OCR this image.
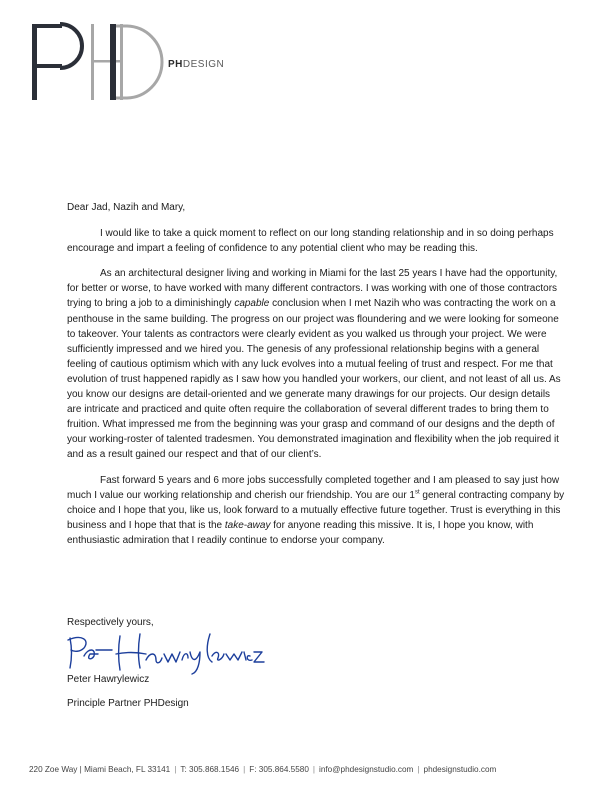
PHDESIGN

Dear Jad, Nazih and Mary,

I would like to take a quick moment to reflect on our long standing relationship and in so doing perhaps encourage and impart a feeling of confidence to any potential client who may be reading this.

As an architectural designer living and working in Miami for the last 25 years I have had the opportunity, for better or worse, to have worked with many different contractors. I was working with one of those contractors trying to bring a job to a diminishingly capable conclusion when I met Nazih who was contracting the work on a penthouse in the same building. The progress on our project was floundering and we were looking for someone to takeover. Your talents as contractors were clearly evident as you walked us through your project. We were sufficiently impressed and we hired you. The genesis of any professional relationship begins with a general feeling of cautious optimism which with any luck evolves into a mutual feeling of trust and respect. For me that evolution of trust happened rapidly as I saw how you handled your workers, our client, and not least of all us. As you know our designs are detail-oriented and we generate many drawings for our projects. Our design details are intricate and practiced and quite often require the collaboration of several different trades to bring them to fruition. What impressed me from the beginning was your grasp and command of our designs and the depth of your working-roster of talented tradesmen. You demonstrated imagination and flexibility when the job required it and as a result gained our respect and that of our client’s.

Fast forward 5 years and 6 more jobs successfully completed together and I am pleased to say just how much I value our working relationship and cherish our friendship. You are our 1st general contracting company by choice and I hope that you, like us, look forward to a mutually effective future together. Trust is everything in this business and I hope that that is the take-away for anyone reading this missive. It is, I hope you know, with enthusiastic admiration that I readily continue to endorse your company.

Respectively yours,
Peter Hawrylewicz
Principle Partner PHDesign
220 Zoe Way | Miami Beach, FL 33141 | T: 305.868.1546 | F: 305.864.5580 | info@phdesignstudio.com | phdesignstudio.com
